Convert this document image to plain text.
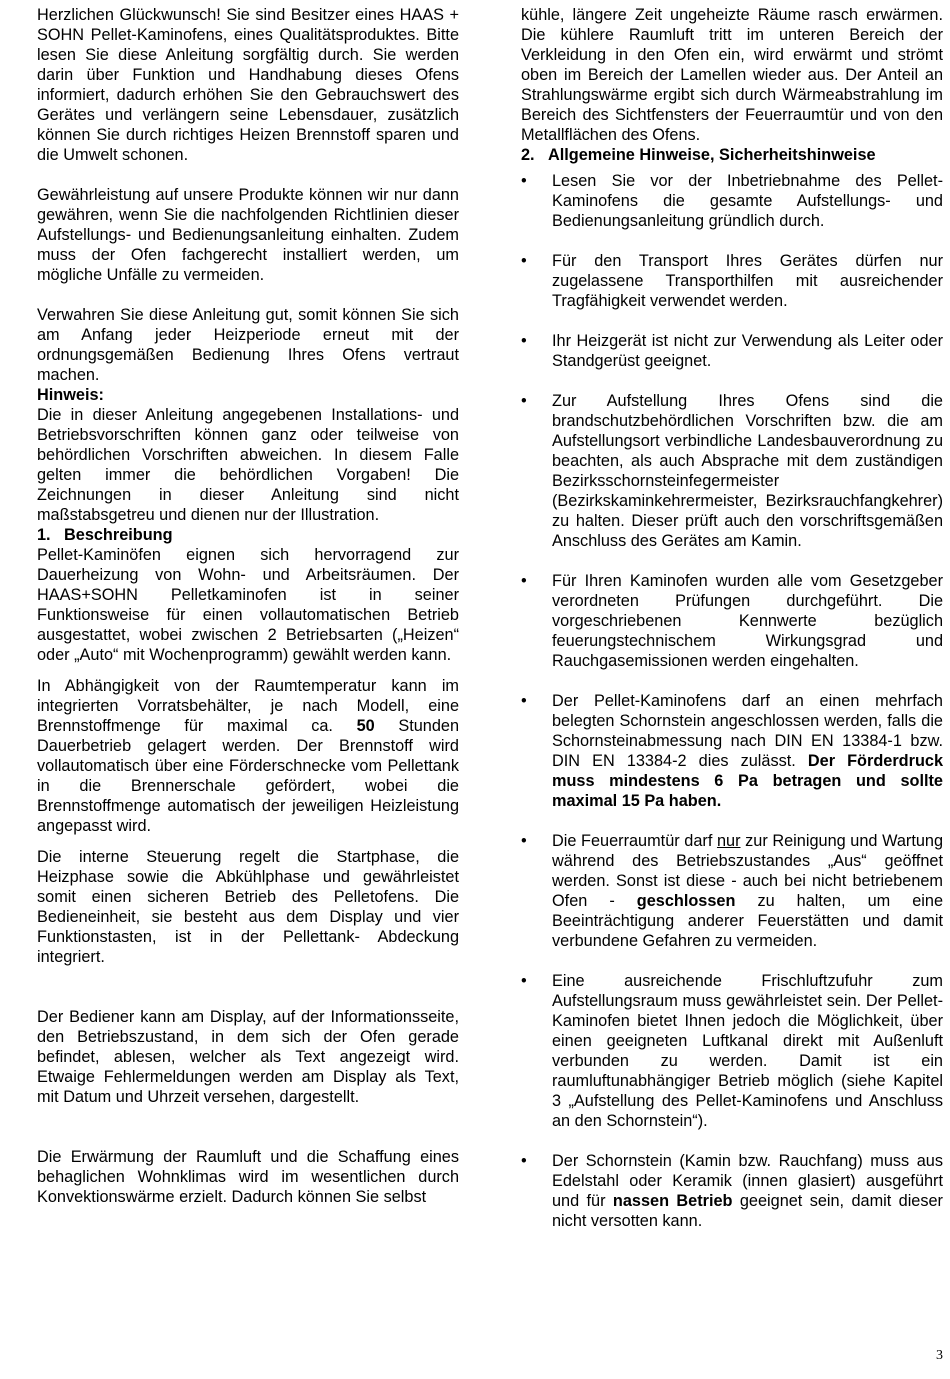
Herzlichen Glückwunsch! Sie sind Besitzer eines HAAS + SOHN Pellet-Kaminofens, eines Qualitätsproduktes. Bitte lesen Sie diese Anleitung sorgfältig durch. Sie werden darin über Funktion und Handhabung dieses Ofens informiert, dadurch erhöhen Sie den Gebrauchswert des Gerätes und verlängern seine Lebensdauer, zusätzlich können Sie durch richtiges Heizen Brennstoff sparen und die Umwelt schonen.

Gewährleistung auf unsere Produkte können wir nur dann gewähren, wenn Sie die nachfolgenden Richtlinien dieser Aufstellungs- und Bedienungsanleitung einhalten. Zudem muss der Ofen fachgerecht installiert werden, um mögliche Unfälle zu vermeiden.

Verwahren Sie diese Anleitung gut, somit können Sie sich am Anfang jeder Heizperiode erneut mit der ordnungsgemäßen Bedienung Ihres Ofens vertraut machen.

Hinweis:

Die in dieser Anleitung angegebenen Installations- und Betriebsvorschriften können ganz oder teilweise von behördlichen Vorschriften abweichen. In diesem Falle gelten immer die behördlichen Vorgaben! Die Zeichnungen in dieser Anleitung sind nicht maßstabsgetreu und dienen nur der Illustration.

1. Beschreibung

Pellet-Kaminöfen eignen sich hervorragend zur Dauerheizung von Wohn- und Arbeitsräumen. Der HAAS+SOHN Pelletkaminofen ist in seiner Funktionsweise für einen vollautomatischen Betrieb ausgestattet, wobei zwischen 2 Betriebsarten („Heizen“ oder „Auto“ mit Wochenprogramm) gewählt werden kann.

In Abhängigkeit von der Raumtemperatur kann im integrierten Vorratsbehälter, je nach Modell, eine Brennstoffmenge für maximal ca. 50 Stunden Dauerbetrieb gelagert werden. Der Brennstoff wird vollautomatisch über eine Förderschnecke vom Pellettank in die Brennerschale gefördert, wobei die Brennstoffmenge automatisch der jeweiligen Heizleistung angepasst wird.

Die interne Steuerung regelt die Startphase, die Heizphase sowie die Abkühlphase und gewährleistet somit einen sicheren Betrieb des Pelletofens. Die Bedieneinheit, sie besteht aus dem Display und vier Funktionstasten, ist in der Pellettank- Abdeckung integriert.

Der Bediener kann am Display, auf der Informationsseite, den Betriebszustand, in dem sich der Ofen gerade befindet, ablesen, welcher als Text angezeigt wird. Etwaige Fehlermeldungen werden am Display als Text, mit Datum und Uhrzeit versehen, dargestellt.

Die Erwärmung der Raumluft und die Schaffung eines behaglichen Wohnklimas wird im wesentlichen durch Konvektionswärme erzielt. Dadurch können Sie selbst

kühle, längere Zeit ungeheizte Räume rasch erwärmen. Die kühlere Raumluft tritt im unteren Bereich der Verkleidung in den Ofen ein, wird erwärmt und strömt oben im Bereich der Lamellen wieder aus. Der Anteil an Strahlungswärme ergibt sich durch Wärmeabstrahlung im Bereich des Sichtfensters der Feuerraumtür und von den Metallflächen des Ofens.

2. Allgemeine Hinweise, Sicherheitshinweise

• Lesen Sie vor der Inbetriebnahme des Pellet-Kaminofens die gesamte Aufstellungs- und Bedienungsanleitung gründlich durch.
• Für den Transport Ihres Gerätes dürfen nur zugelassene Transporthilfen mit ausreichender Tragfähigkeit verwendet werden.
• Ihr Heizgerät ist nicht zur Verwendung als Leiter oder Standgerüst geeignet.
• Zur Aufstellung Ihres Ofens sind die brandschutzbehördlichen Vorschriften bzw. die am Aufstellungsort verbindliche Landesbauverordnung zu beachten, als auch Absprache mit dem zuständigen Bezirksschornsteinfegermeister (Bezirkskaminkehrermeister, Bezirksrauchfangkehrer) zu halten. Dieser prüft auch den vorschriftsgemäßen Anschluss des Gerätes am Kamin.
• Für Ihren Kaminofen wurden alle vom Gesetzgeber verordneten Prüfungen durchgeführt. Die vorgeschriebenen Kennwerte bezüglich feuerungstechnischem Wirkungsgrad und Rauchgasemissionen werden eingehalten.
• Der Pellet-Kaminofens darf an einen mehrfach belegten Schornstein angeschlossen werden, falls die Schornsteinabmessung nach DIN EN 13384-1 bzw. DIN EN 13384-2 dies zulässt. Der Förderdruck muss mindestens 6 Pa betragen und sollte maximal 15 Pa haben.
• Die Feuerraumtür darf nur zur Reinigung und Wartung während des Betriebszustandes „Aus“ geöffnet werden. Sonst ist diese - auch bei nicht betriebenem Ofen - geschlossen zu halten, um eine Beeinträchtigung anderer Feuerstätten und damit verbundene Gefahren zu vermeiden.
• Eine ausreichende Frischluftzufuhr zum Aufstellungsraum muss gewährleistet sein. Der Pellet-Kaminofen bietet Ihnen jedoch die Möglichkeit, über einen geeigneten Luftkanal direkt mit Außenluft verbunden zu werden. Damit ist ein raumluftunabhängiger Betrieb möglich (siehe Kapitel 3 „Aufstellung des Pellet-Kaminofens und Anschluss an den Schornstein“).
• Der Schornstein (Kamin bzw. Rauchfang) muss aus Edelstahl oder Keramik (innen glasiert) ausgeführt und für nassen Betrieb geeignet sein, damit dieser nicht versotten kann.
3
